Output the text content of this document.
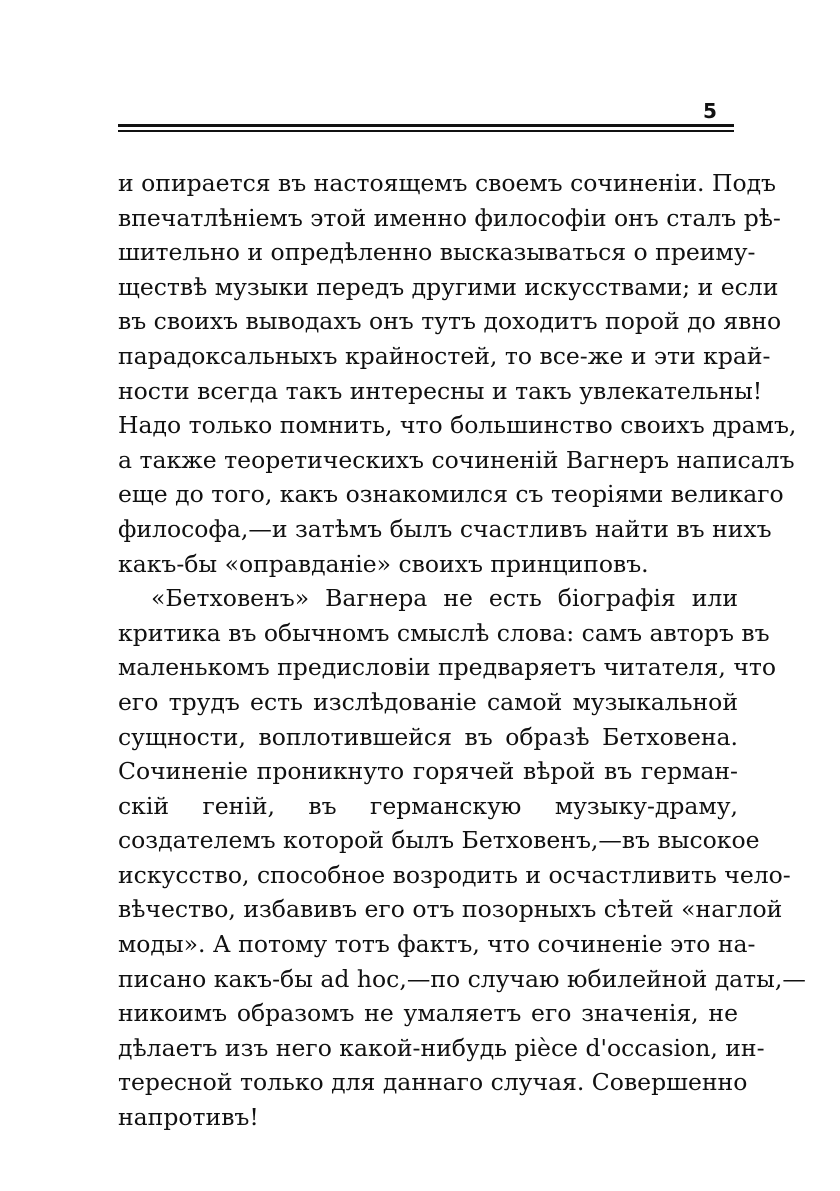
5
и опирается въ настоящемъ своемъ сочиненіи. Подъ
впечатлѣніемъ этой именно философіи онъ сталъ рѣ-
шительно и опредѣленно высказываться о преиму-
ществѣ музыки передъ другими искусствами; и если
въ своихъ выводахъ онъ тутъ доходитъ порой до явно
парадоксальныхъ крайностей, то все-же и эти край-
ности всегда такъ интересны и такъ увлекательны!
Надо только помнить, что большинство своихъ драмъ,
а также теоретическихъ сочиненій Вагнеръ написалъ
еще до того, какъ ознакомился съ теоріями великаго
философа,—и затѣмъ былъ счастливъ найти въ нихъ
какъ-бы «оправданіе» своихъ принциповъ.
«Бетховенъ» Вагнера не есть біографія или
критика въ обычномъ смыслѣ слова: самъ авторъ въ
маленькомъ предисловіи предваряетъ читателя, что
его трудъ есть изслѣдованіе самой музыкальной
сущности, воплотившейся въ образѣ Бетховена.
Сочиненіе проникнуто горячей вѣрой въ герман-
скій геній, въ германскую музыку-драму,
создателемъ которой былъ Бетховенъ,—въ высокое
искусство, способное возродить и осчастливить чело-
вѣчество, избавивъ его отъ позорныхъ сѣтей «наглой
моды». А потому тотъ фактъ, что сочиненіе это на-
писано какъ-бы ad hoc,—по случаю юбилейной даты,—
никоимъ образомъ не умаляетъ его значенія, не
дѣлаетъ изъ него какой-нибудь pièce d'occasion, ин-
тересной только для даннаго случая. Совершенно
напротивъ!
